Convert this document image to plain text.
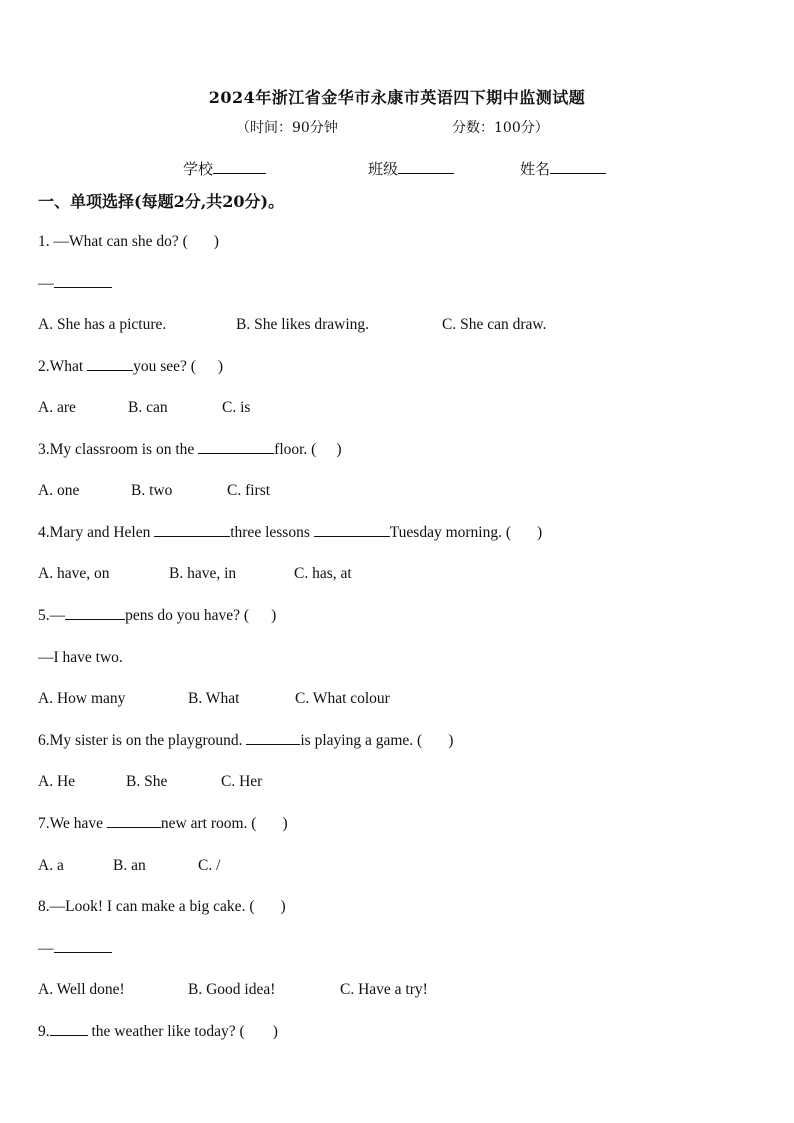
2024年浙江省金华市永康市英语四下期中监测试题
（时间：90分钟	分数：100分）
学校	班级	姓名
一、单项选择(每题2分,共20分)。
1. —What can she do? ( )
—
A. She has a picture.	B. She likes drawing.	C. She can draw.
2.What	you see? ( )
A. are	B. can	C. is
3.My classroom is on the	floor. ( )
A. one	B. two	C. first
4.Mary and Helen	three lessons	Tuesday morning. ( )
A. have, on	B. have, in	C. has, at
5.—	pens do you have? ( )
—I have two.
A. How many	B. What	C. What colour
6.My sister is on the playground.	is playing a game. ( )
A. He	B. She	C. Her
7.We have	new art room. ( )
A. a	B. an	C. /
8.—Look! I can make a big cake. ( )
—
A. Well done!	B. Good idea!	C. Have a try!
9.	the weather like today? ( )
